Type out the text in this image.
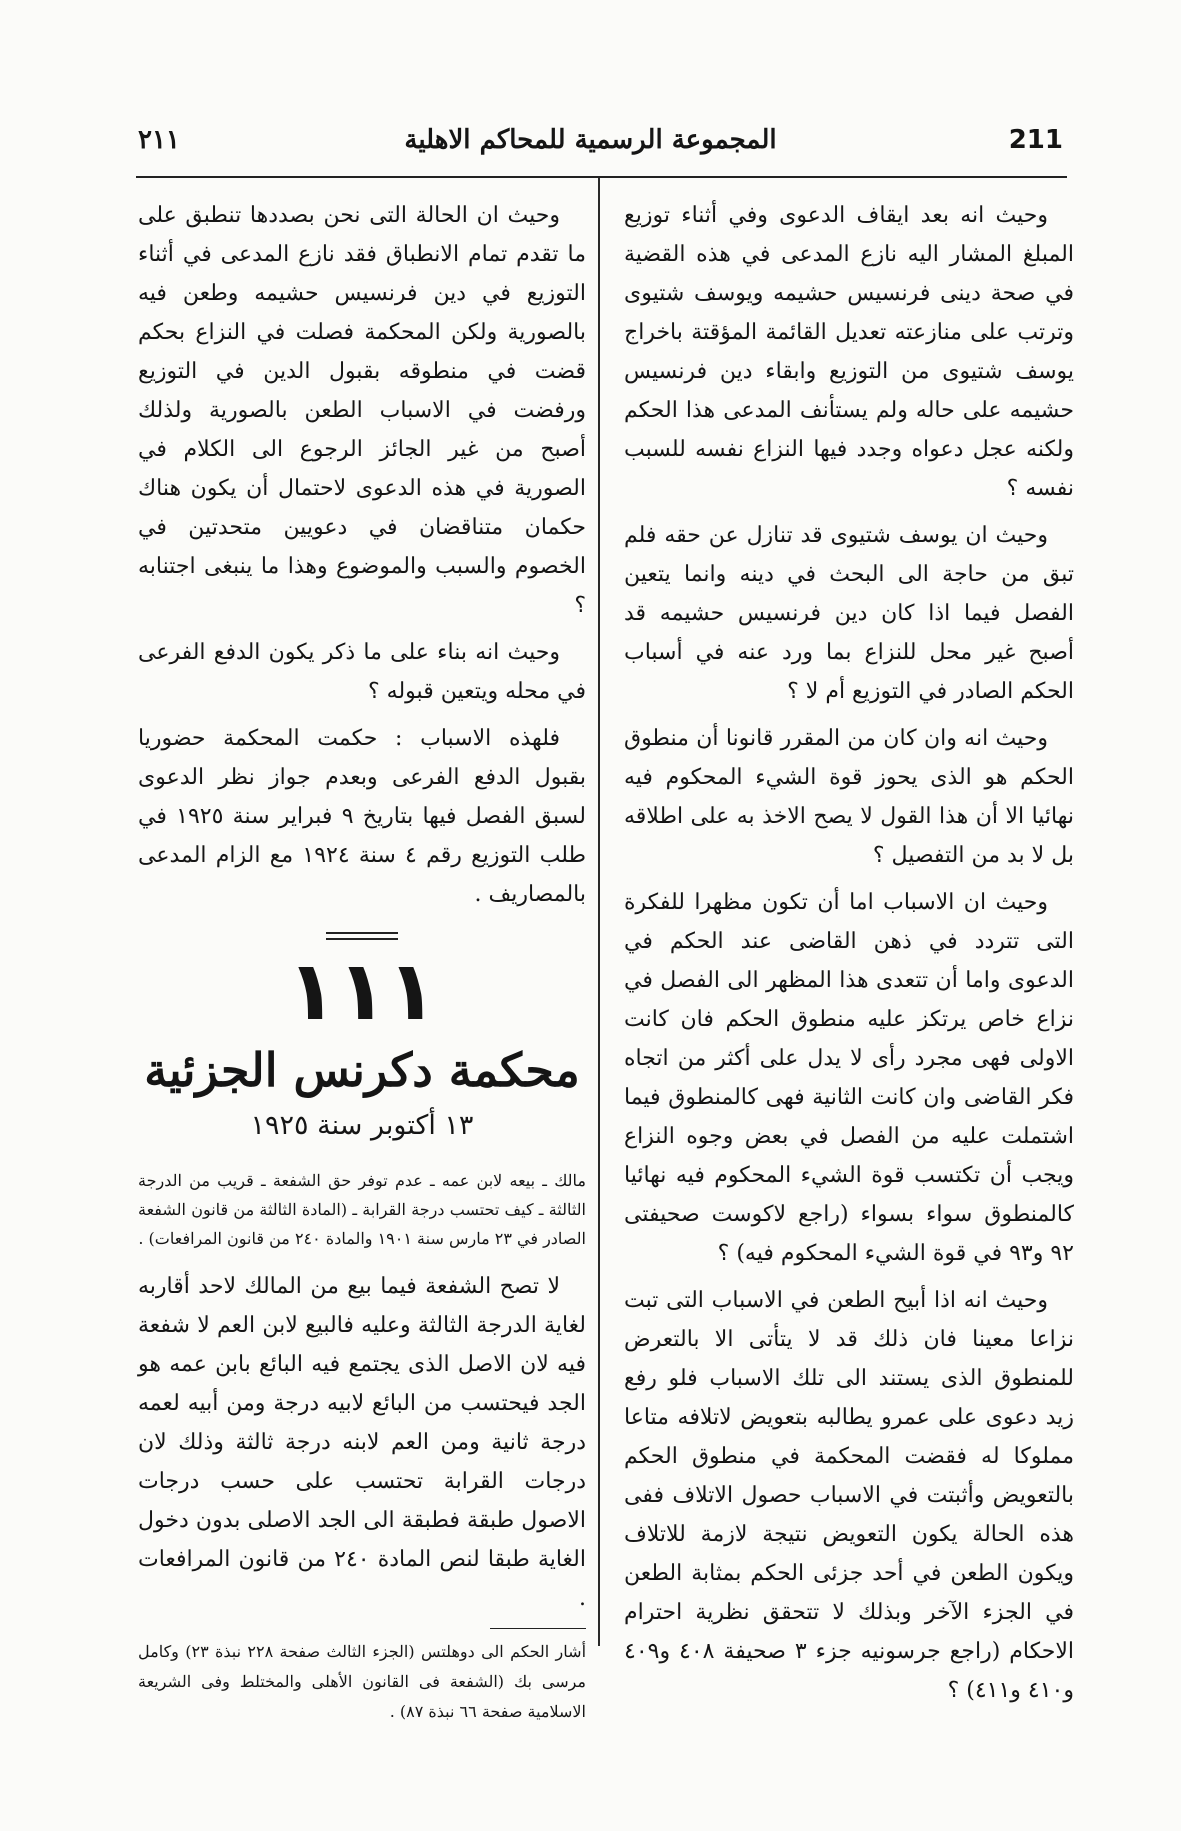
211
المجموعة الرسمية للمحاكم الاهلية
٢١١

وحيث انه بعد ايقاف الدعوى وفي أثناء توزيع المبلغ المشار اليه نازع المدعى في هذه القضية في صحة دينى فرنسيس حشيمه ويوسف شتيوى وترتب على منازعته تعديل القائمة المؤقتة باخراج يوسف شتيوى من التوزيع وابقاء دين فرنسيس حشيمه على حاله ولم يستأنف المدعى هذا الحكم ولكنه عجل دعواه وجدد فيها النزاع نفسه للسبب نفسه ؟

وحيث ان يوسف شتيوى قد تنازل عن حقه فلم تبق من حاجة الى البحث في دينه وانما يتعين الفصل فيما اذا كان دين فرنسيس حشيمه قد أصبح غير محل للنزاع بما ورد عنه في أسباب الحكم الصادر في التوزيع أم لا ؟

وحيث انه وان كان من المقرر قانونا أن منطوق الحكم هو الذى يحوز قوة الشيء المحكوم فيه نهائيا الا أن هذا القول لا يصح الاخذ به على اطلاقه بل لا بد من التفصيل ؟

وحيث ان الاسباب اما أن تكون مظهرا للفكرة التى تتردد في ذهن القاضى عند الحكم في الدعوى واما أن تتعدى هذا المظهر الى الفصل في نزاع خاص يرتكز عليه منطوق الحكم فان كانت الاولى فهى مجرد رأى لا يدل على أكثر من اتجاه فكر القاضى وان كانت الثانية فهى كالمنطوق فيما اشتملت عليه من الفصل في بعض وجوه النزاع ويجب أن تكتسب قوة الشيء المحكوم فيه نهائيا كالمنطوق سواء بسواء (راجع لاكوست صحيفتى ٩٢ و٩٣ في قوة الشيء المحكوم فيه) ؟

وحيث انه اذا أبيح الطعن في الاسباب التى تبت نزاعا معينا فان ذلك قد لا يتأتى الا بالتعرض للمنطوق الذى يستند الى تلك الاسباب فلو رفع زيد دعوى على عمرو يطالبه بتعويض لاتلافه متاعا مملوكا له فقضت المحكمة في منطوق الحكم بالتعويض وأثبتت في الاسباب حصول الاتلاف ففى هذه الحالة يكون التعويض نتيجة لازمة للاتلاف ويكون الطعن في أحد جزئى الحكم بمثابة الطعن في الجزء الآخر وبذلك لا تتحقق نظرية احترام الاحكام (راجع جرسونيه جزء ٣ صحيفة ٤٠٨ و٤٠٩ و٤١٠ و٤١١) ؟

وحيث ان الحالة التى نحن بصددها تنطبق على ما تقدم تمام الانطباق فقد نازع المدعى في أثناء التوزيع في دين فرنسيس حشيمه وطعن فيه بالصورية ولكن المحكمة فصلت في النزاع بحكم قضت في منطوقه بقبول الدين في التوزيع ورفضت في الاسباب الطعن بالصورية ولذلك أصبح من غير الجائز الرجوع الى الكلام في الصورية في هذه الدعوى لاحتمال أن يكون هناك حكمان متناقضان في دعويين متحدتين في الخصوم والسبب والموضوع وهذا ما ينبغى اجتنابه ؟

وحيث انه بناء على ما ذكر يكون الدفع الفرعى في محله ويتعين قبوله ؟

فلهذه الاسباب : حكمت المحكمة حضوريا بقبول الدفع الفرعى وبعدم جواز نظر الدعوى لسبق الفصل فيها بتاريخ ٩ فبراير سنة ١٩٢٥ في طلب التوزيع رقم ٤ سنة ١٩٢٤ مع الزام المدعى بالمصاريف .

١١١
محكمة دكرنس الجزئية
١٣ أكتوبر سنة ١٩٢٥

مالك ـ بيعه لابن عمه ـ عدم توفر حق الشفعة ـ قريب من الدرجة الثالثة ـ كيف تحتسب درجة القرابة ـ (المادة الثالثة من قانون الشفعة الصادر في ٢٣ مارس سنة ١٩٠١ والمادة ٢٤٠ من قانون المرافعات) .

لا تصح الشفعة فيما بيع من المالك لاحد أقاربه لغاية الدرجة الثالثة وعليه فالبيع لابن العم لا شفعة فيه لان الاصل الذى يجتمع فيه البائع بابن عمه هو الجد فيحتسب من البائع لابيه درجة ومن أبيه لعمه درجة ثانية ومن العم لابنه درجة ثالثة وذلك لان درجات القرابة تحتسب على حسب درجات الاصول طبقة فطبقة الى الجد الاصلى بدون دخول الغاية طبقا لنص المادة ٢٤٠ من قانون المرافعات .

أشار الحكم الى دوهلتس (الجزء الثالث صفحة ٢٢٨ نبذة ٢٣) وكامل مرسى بك (الشفعة فى القانون الأهلى والمختلط وفى الشريعة الاسلامية صفحة ٦٦ نبذة ٨٧) .
